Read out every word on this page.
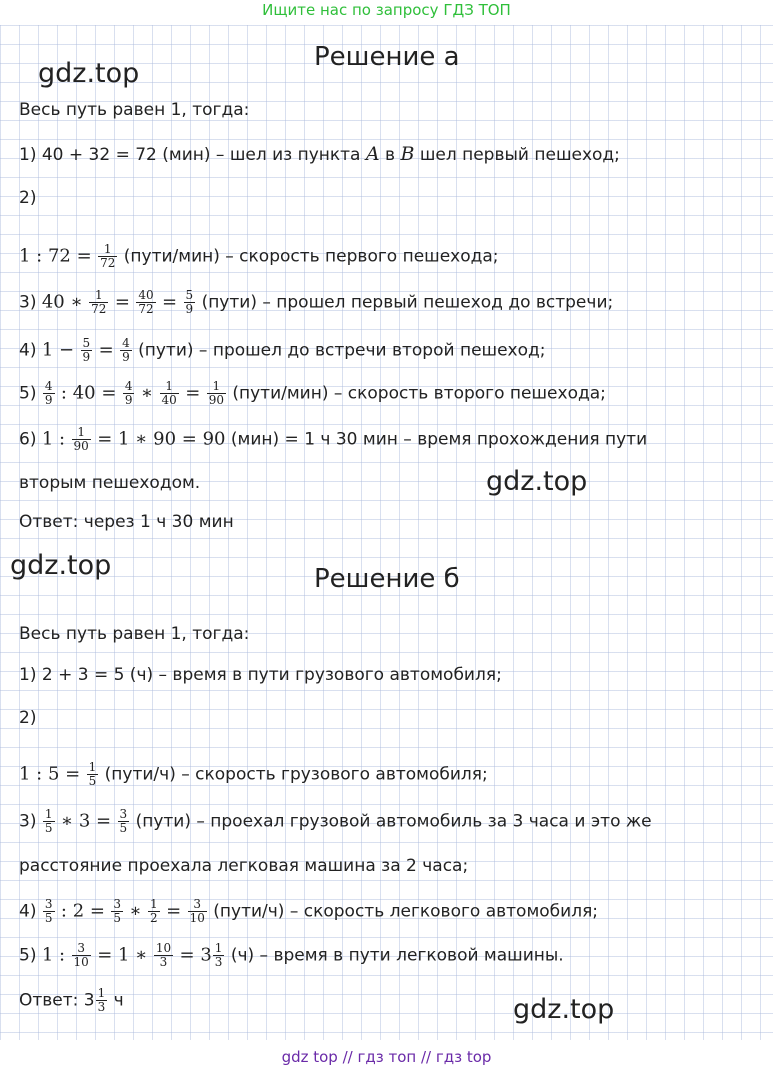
Ищите нас по запросу ГДЗ ТОП
Решение а
gdz.top
Весь путь равен 1, тогда:
1) 40 + 32 = 72 (мин) – шел из пункта A в B шел первый пешеход;
2)
1 : $72 = \frac{1}{72}$ (пути/мин) – скорость первого пешехода;
3) 40 ∗ $\frac{1}{72} = \frac{40}{72} = \frac{5}{9}$ (пути) – прошел первый пешеход до встречи;
4) $1 - \frac{5}{9} = \frac{4}{9}$ (пути) – прошел до встречи второй пешеход;
$5) \frac{4}{9}$ : $40 = \frac{4}{9}$ ∗ $\frac{1}{40} = \frac{1}{90}$ (пути/мин) – скорость второго пешехода;
6) 1 : $\frac{1}{90} = 1$ ∗ 90 = 90 (мин) = 1 ч 30 мин – время прохождения пути
вторым пешеходом.	gdz.top
Ответ: через 1 ч 30 мин
gdz.top	Решение б
Весь путь равен 1, тогда:
1) 2 + 3 = 5 (ч) – время в пути грузового автомобиля;
2)
1 : $5 = \frac{1}{5}$ (пути/ч) – скорость грузового автомобиля;
$3) \frac{1}{5}$ ∗ $3 = \frac{3}{5}$ (пути) – проехал грузовой автомобиль за 3 часа и это же
расстояние проехала легковая машина за 2 часа;
$4) \frac{3}{5}$ : $2 = \frac{3}{5}$ ∗ $\frac{1}{2} = \frac{3}{10}$ (пути/ч) – скорость легкового автомобиля;
5) 1 : $\frac{3}{10} = 1$ ∗ $\frac{10}{3} = 3 \frac{1}{3} (ч)$ – время в пути легковой машины.
Ответ: $3 \frac{1}{3}$ ч	gdz.top
gdz top // гдз топ // гдз top
